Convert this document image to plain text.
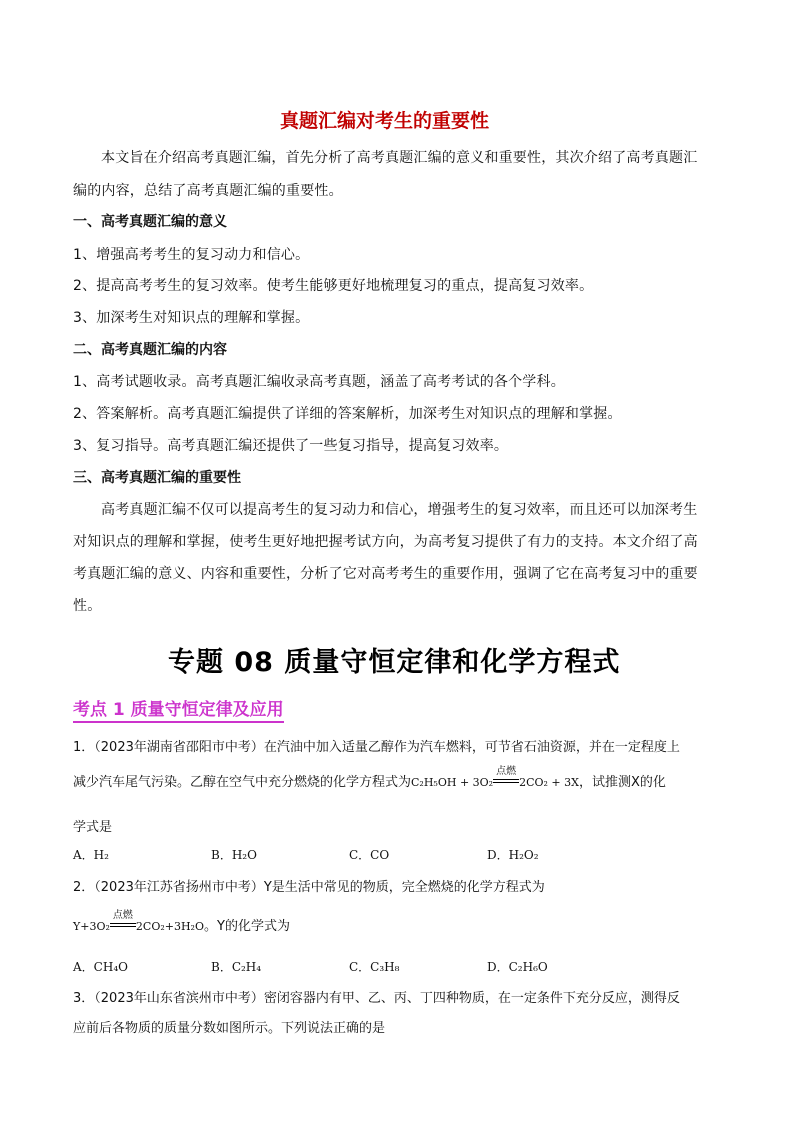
真题汇编对考生的重要性
本文旨在介绍高考真题汇编，首先分析了高考真题汇编的意义和重要性，其次介绍了高考真题汇
编的内容，总结了高考真题汇编的重要性。
一、高考真题汇编的意义
1、增强高考考生的复习动力和信心。
2、提高高考考生的复习效率。使考生能够更好地梳理复习的重点，提高复习效率。
3、加深考生对知识点的理解和掌握。
二、高考真题汇编的内容
1、高考试题收录。高考真题汇编收录高考真题，涵盖了高考考试的各个学科。
2、答案解析。高考真题汇编提供了详细的答案解析，加深考生对知识点的理解和掌握。
3、复习指导。高考真题汇编还提供了一些复习指导，提高复习效率。
三、高考真题汇编的重要性
高考真题汇编不仅可以提高考生的复习动力和信心，增强考生的复习效率，而且还可以加深考生
对知识点的理解和掌握，使考生更好地把握考试方向，为高考复习提供了有力的支持。本文介绍了高
考真题汇编的意义、内容和重要性，分析了它对高考考生的重要作用，强调了它在高考复习中的重要
性。
专题 08 质量守恒定律和化学方程式
考点 1 质量守恒定律及应用
1．（2023年湖南省邵阳市中考）在汽油中加入适量乙醇作为汽车燃料，可节省石油资源，并在一定程度上
减少汽车尾气污染。乙醇在空气中充分燃烧的化学方程式为C₂H₅OH + 3O₂
点燃
2CO₂ + 3X，试推测X的化
学式是
A．H₂	B．H₂O	C．CO	D．H₂O₂
2．（2023年江苏省扬州市中考）Y是生活中常见的物质，完全燃烧的化学方程式为
Y+3O₂
点燃
2CO₂+3H₂O。Y的化学式为
A．CH₄O	B．C₂H₄	C．C₃H₈	D．C₂H₆O
3．（2023年山东省滨州市中考）密闭容器内有甲、乙、丙、丁四种物质，在一定条件下充分反应，测得反
应前后各物质的质量分数如图所示。下列说法正确的是
